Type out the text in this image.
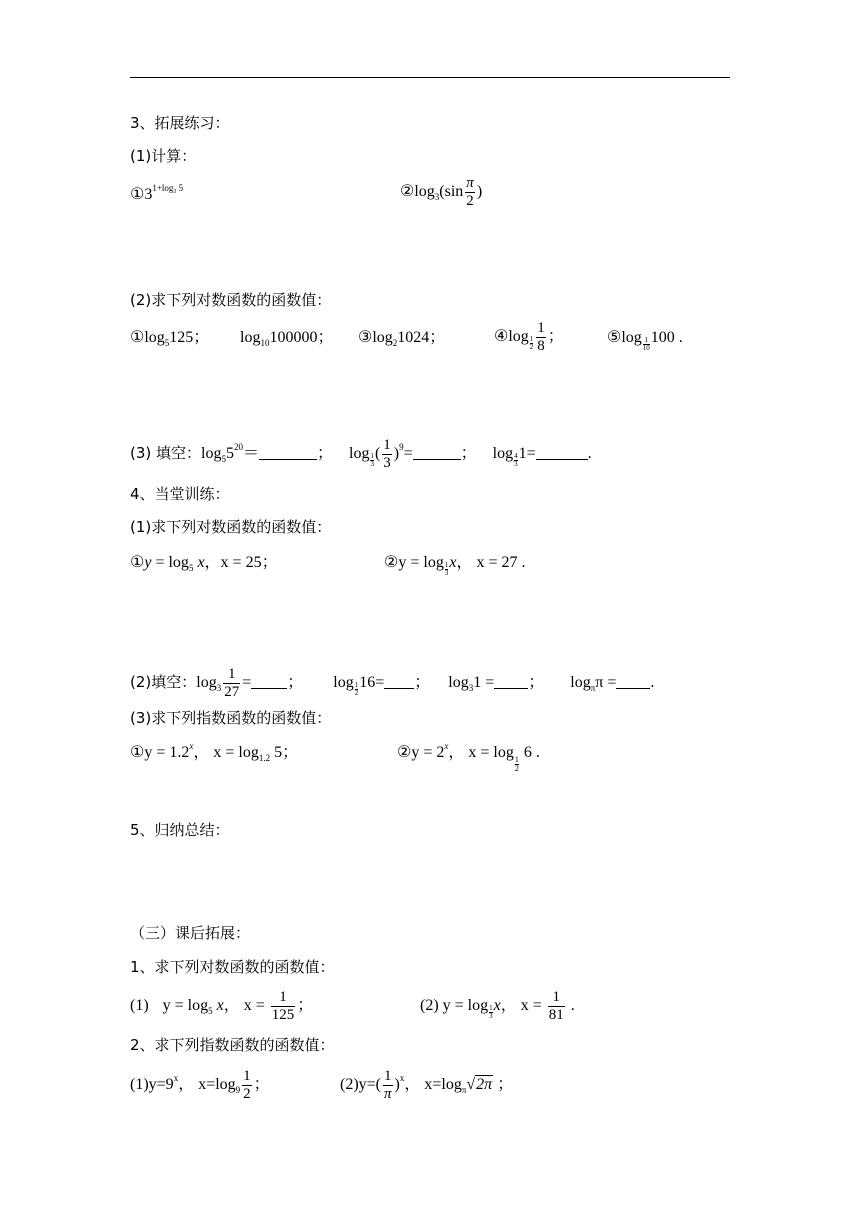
3、拓展练习：
(1)计算：
$①3^{1+log_3 5}$	$②\log_3(\sin \frac{\pi}{2}$ )
(2)求下列对数函数的函数值：
$①\log_5125$； $\log_{10}100000$； $③\log_21024$；	④log $\frac{1}{2} \frac{1}{8}$ ；	⑤log $\frac{1}{10} 100$ .
(3) 填空：$\log_55^{20}=$	； $\log \frac{1}{3}$ ( $\frac{1}{3} )^9=$	； $\log \frac{4}{3} 1=$	.
4、当堂训练：
(1)求下列对数函数的函数值：
①y = $\log_5 x$，x = 25；	②y = $\log \frac{1}{3}$ x， x = 27 .
(2)填空：$\log_3 \frac{1}{27}$ = ； $\log \frac{1}{2} 16=$ ； $\log_31$ = ； $\log_\pi\pi$ = .
(3)求下列指数函数的函数值：
①y = $1.2^x$， $x = \log_{1.2} 5$；	②y = $2^x$， x = log
$\frac{1}{2}$
6 .
5、归纳总结：
（三）课后拓展：
1、求下列对数函数的函数值：
(1) $y = \log_5 x$， $x = \frac{1}{125}$ ；	(2) $y = \log \frac{1}{3}$ x， $x = \frac{1}{81}$ .
2、求下列指数函数的函数值：
$(1)y=9^x$， $x=\log_9 \frac{1}{2}$ ；	$(2)y=( \frac{1}{\pi} )^x$， $x=\log_\pi√2\pi$ ；
